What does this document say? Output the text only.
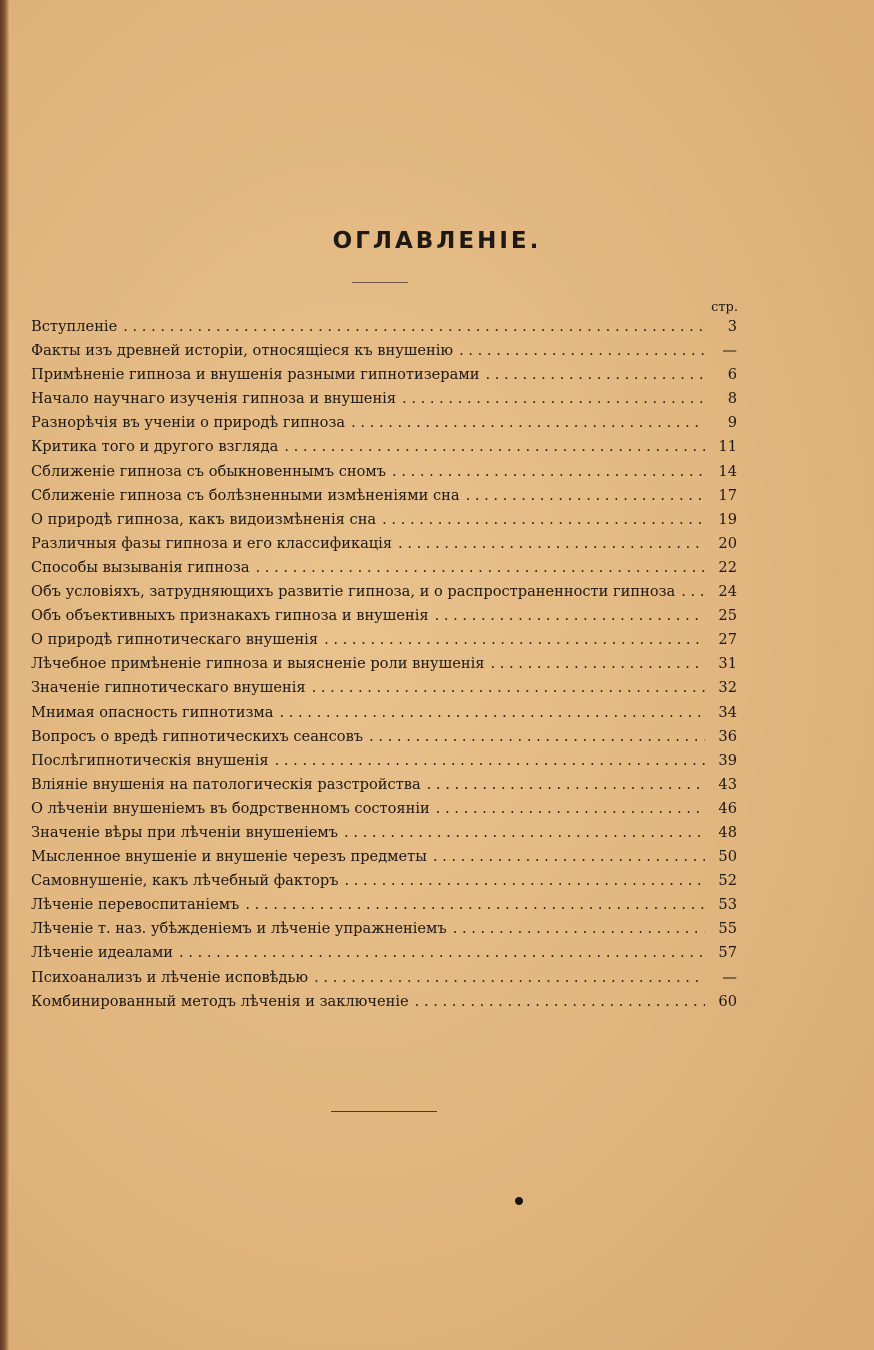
ОГЛАВЛЕНІЕ.
стр.
Вступленіе . . .	3
Факты изъ древней исторіи, относящіеся къ внушенію . . .	—
Примѣненіе гипноза и внушенія разными гипнотизерами . . .	6
Начало научнаго изученія гипноза и внушенія . . .	8
Разнорѣчія въ ученіи о природѣ гипноза . . .	9
Критика того и другого взгляда . . .	11
Сближеніе гипноза съ обыкновеннымъ сномъ . . .	14
Сближеніе гипноза съ болѣзненными измѣненіями сна . . .	17
О природѣ гипноза, какъ видоизмѣненія сна . . .	19
Различныя фазы гипноза и его классификація . . .	20
Способы вызыванія гипноза . . .	22
Объ условіяхъ, затрудняющихъ развитіе гипноза, и о распространенности гипноза . . .	24
Объ объективныхъ признакахъ гипноза и внушенія . . .	25
О природѣ гипнотическаго внушенія . . .	27
Лѣчебное примѣненіе гипноза и выясненіе роли внушенія . . .	31
Значеніе гипнотическаго внушенія . . .	32
Мнимая опасность гипнотизма . . .	34
Вопросъ о вредѣ гипнотическихъ сеансовъ . . .	36
Послѣгипнотическія внушенія . . .	39
Вліяніе внушенія на патологическія разстройства . . .	43
О лѣченіи внушеніемъ въ бодрственномъ состояніи . . .	46
Значеніе вѣры при лѣченіи внушеніемъ . . .	48
Мысленное внушеніе и внушеніе черезъ предметы . . .	50
Самовнушеніе, какъ лѣчебный факторъ . . .	52
Лѣченіе перевоспитаніемъ . . .	53
Лѣченіе т. наз. убѣжденіемъ и лѣченіе упражненіемъ . . .	55
Лѣченіе идеалами . . .	57
Психоанализъ и лѣченіе исповѣдью . . .	—
Комбинированный методъ лѣченія и заключеніе . . .	60
